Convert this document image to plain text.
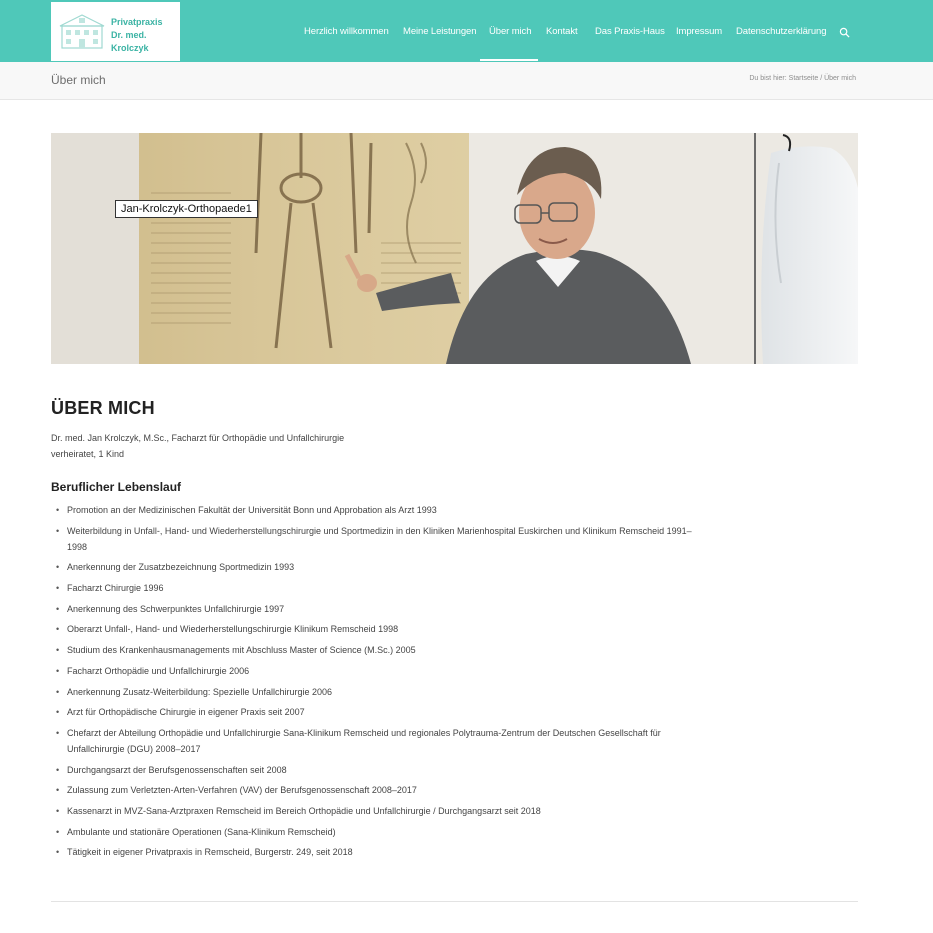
Privatpraxis
Dr. med. Krolczyk
Herzlich willkommen Meine Leistungen Über mich Kontakt Das Praxis-Haus Impressum Datenschutzerklärung
Über mich	Du bist hier: Startseite / Über mich
Jan-Krolczyk-Orthopaede1
ÜBER MICH
Dr. med. Jan Krolczyk, M.Sc., Facharzt für Orthopädie und Unfallchirurgie
verheiratet, 1 Kind
Beruflicher Lebenslauf
• Promotion an der Medizinischen Fakultät der Universität Bonn und Approbation als Arzt 1993
• Weiterbildung in Unfall-, Hand- und Wiederherstellungschirurgie und Sportmedizin in den Kliniken Marienhospital Euskirchen und Klinikum Remscheid 1991–1998
• Anerkennung der Zusatzbezeichnung Sportmedizin 1993
• Facharzt Chirurgie 1996
• Anerkennung des Schwerpunktes Unfallchirurgie 1997
• Oberarzt Unfall-, Hand- und Wiederherstellungschirurgie Klinikum Remscheid 1998
• Studium des Krankenhausmanagements mit Abschluss Master of Science (M.Sc.) 2005
• Facharzt Orthopädie und Unfallchirurgie 2006
• Anerkennung Zusatz-Weiterbildung: Spezielle Unfallchirurgie 2006
• Arzt für Orthopädische Chirurgie in eigener Praxis seit 2007
• Chefarzt der Abteilung Orthopädie und Unfallchirurgie Sana-Klinikum Remscheid und regionales Polytrauma-Zentrum der Deutschen Gesellschaft für Unfallchirurgie (DGU) 2008–2017
• Durchgangsarzt der Berufsgenossenschaften seit 2008
• Zulassung zum Verletzten-Arten-Verfahren (VAV) der Berufsgenossenschaft 2008–2017
• Kassenarzt in MVZ-Sana-Arztpraxen Remscheid im Bereich Orthopädie und Unfallchirurgie / Durchgangsarzt seit 2018
• Ambulante und stationäre Operationen (Sana-Klinikum Remscheid)
• Tätigkeit in eigener Privatpraxis in Remscheid, Burgerstr. 249, seit 2018
